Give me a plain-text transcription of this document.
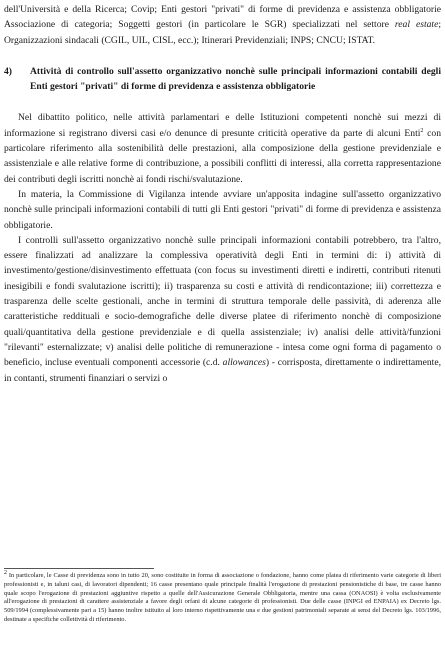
dell'Università e della Ricerca; Covip; Enti gestori "privati" di forme di previdenza e assistenza obbligatorie Associazione di categoria; Soggetti gestori (in particolare le SGR) specializzati nel settore real estate; Organizzazioni sindacali (CGIL, UIL, CISL, ecc.); Itinerari Previdenziali; INPS; CNCU; ISTAT.

4)	Attività di controllo sull'assetto organizzativo nonchè sulle principali informazioni contabili degli Enti gestori "privati" di forme di previdenza e assistenza obbligatorie

Nel dibattito politico, nelle attività parlamentari e delle Istituzioni competenti nonchè sui mezzi di informazione si registrano diversi casi e/o denunce di presunte criticità operative da parte di alcuni Enti$^2$ con particolare riferimento alla sostenibilità delle prestazioni, alla composizione della gestione previdenziale e assistenziale e alle relative forme di contribuzione, a possibili conflitti di interessi, alla corretta rappresentazione dei contributi degli iscritti nonchè ai fondi rischi/svalutazione.

In materia, la Commissione di Vigilanza intende avviare un'apposita indagine sull'assetto organizzativo nonchè sulle principali informazioni contabili di tutti gli Enti gestori "privati" di forme di previdenza e assistenza obbligatorie.

I controlli sull'assetto organizzativo nonchè sulle principali informazioni contabili potrebbero, tra l'altro, essere finalizzati ad analizzare la complessiva operatività degli Enti in termini di: i) attività di investimento/gestione/disinvestimento effettuata (con focus su investimenti diretti e indiretti, contributi ritenuti inesigibili e fondi svalutazione iscritti); ii) trasparenza su costi e attività di rendicontazione; iii) correttezza e trasparenza delle scelte gestionali, anche in termini di struttura temporale delle passività, di aderenza alle caratteristiche reddituali e socio-demografiche delle diverse platee di riferimento nonchè di composizione quali/quantitativa della gestione previdenziale e di quella assistenziale; iv) analisi delle attività/funzioni "rilevanti" esternalizzate; v) analisi delle politiche di remunerazione - intesa come ogni forma di pagamento o beneficio, incluse eventuali componenti accessorie (c.d. allowances) - corrisposta, direttamente o indirettamente, in contanti, strumenti finanziari o servizi o

$^2$ In particolare, le Casse di previdenza sono in tutto 20, sono costituite in forma di associazione o fondazione, hanno come platea di riferimento varie categorie di liberi professionisti e, in taluni casi, di lavoratori dipendenti; 16 casse presentano quale principale finalità l'erogazione di prestazioni pensionistiche di base, tre casse hanno quale scopo l'erogazione di prestazioni aggiuntive rispetto a quelle dell'Assicurazione Generale Obbligatoria, mentre una cassa (ONAOSI) è volta esclusivamente all'erogazione di prestazioni di carattere assistenziale a favore degli orfani di alcune categorie di professionisti. Due delle casse (INPGI ed ENPAIA) ex Decreto lgs. 509/1994 (complessivamente pari a 15) hanno inoltre istituito al loro interno rispettivamente una e due gestioni patrimoniali separate ai sensi del Decreto lgs. 103/1996, destinate a specifiche collettività di riferimento.
